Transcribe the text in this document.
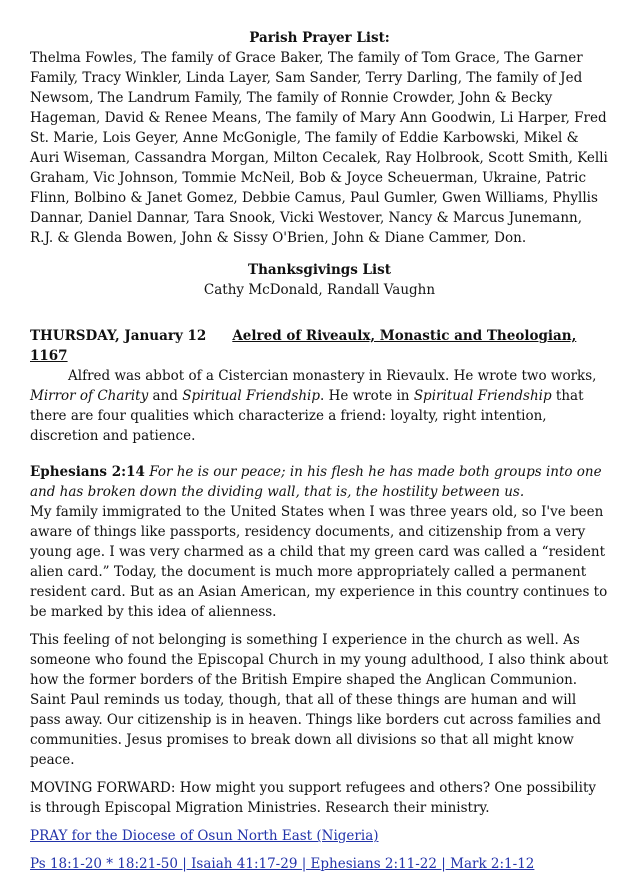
Parish Prayer List:

Thelma Fowles, The family of Grace Baker, The family of Tom Grace, The Garner Family, Tracy Winkler, Linda Layer, Sam Sander, Terry Darling, The family of Jed Newsom, The Landrum Family, The family of Ronnie Crowder, John & Becky Hageman, David & Renee Means, The family of Mary Ann Goodwin, Li Harper, Fred St. Marie, Lois Geyer, Anne McGonigle, The family of Eddie Karbowski, Mikel & Auri Wiseman, Cassandra Morgan, Milton Cecalek, Ray Holbrook, Scott Smith, Kelli Graham, Vic Johnson, Tommie McNeil, Bob & Joyce Scheuerman, Ukraine, Patric Flinn, Bolbino & Janet Gomez, Debbie Camus, Paul Gumler, Gwen Williams, Phyllis Dannar, Daniel Dannar, Tara Snook, Vicki Westover, Nancy & Marcus Junemann, R.J. & Glenda Bowen, John & Sissy O'Brien, John & Diane Cammer, Don.

Thanksgivings List

Cathy McDonald, Randall Vaughn

THURSDAY, January 12 Aelred of Riveaulx, Monastic and Theologian, 1167

Alfred was abbot of a Cistercian monastery in Rievaulx. He wrote two works, Mirror of Charity and Spiritual Friendship. He wrote in Spiritual Friendship that there are four qualities which characterize a friend: loyalty, right intention, discretion and patience.

Ephesians 2:14 For he is our peace; in his flesh he has made both groups into one and has broken down the dividing wall, that is, the hostility between us.

My family immigrated to the United States when I was three years old, so I've been aware of things like passports, residency documents, and citizenship from a very young age. I was very charmed as a child that my green card was called a “resident alien card.” Today, the document is much more appropriately called a permanent resident card. But as an Asian American, my experience in this country continues to be marked by this idea of alienness.

This feeling of not belonging is something I experience in the church as well. As someone who found the Episcopal Church in my young adulthood, I also think about how the former borders of the British Empire shaped the Anglican Communion. Saint Paul reminds us today, though, that all of these things are human and will pass away. Our citizenship is in heaven. Things like borders cut across families and communities. Jesus promises to break down all divisions so that all might know peace.

MOVING FORWARD: How might you support refugees and others? One possibility is through Episcopal Migration Ministries. Research their ministry.

PRAY for the Diocese of Osun North East (Nigeria)

Ps 18:1-20 * 18:21-50 | Isaiah 41:17-29 | Ephesians 2:11-22 | Mark 2:1-12
